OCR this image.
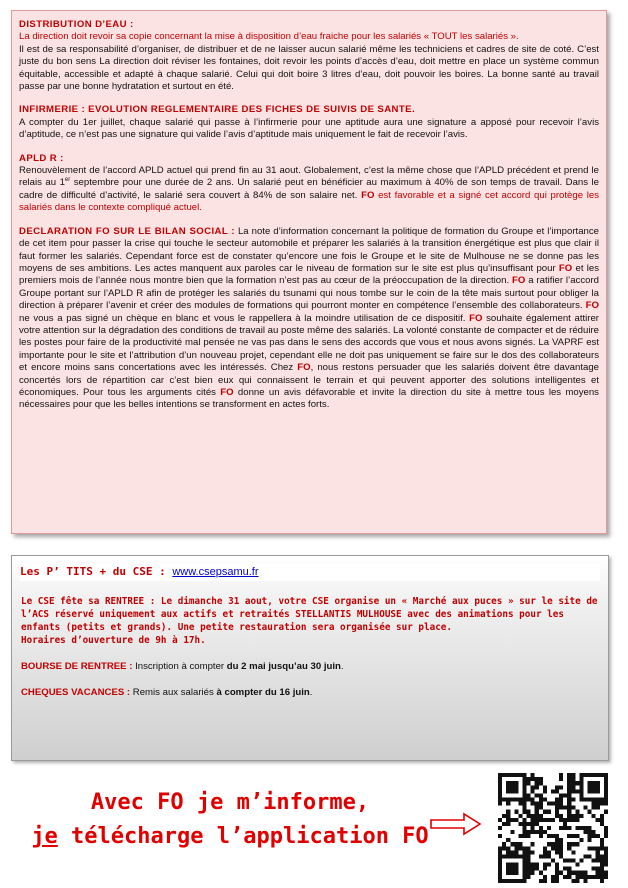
DISTRIBUTION D’EAU :

La direction doit revoir sa copie concernant la mise à disposition d’eau fraiche pour les salariés « TOUT les salariés ».

Il est de sa responsabilité d’organiser, de distribuer et de ne laisser aucun salarié même les techniciens et cadres de site de coté. C’est juste du bon sens La direction doit réviser les fontaines, doit revoir les points d’accès d’eau, doit mettre en place un système commun équitable, accessible et adapté à chaque salarié. Celui qui doit boire 3 litres d’eau, doit pouvoir les boires. La bonne santé au travail passe par une bonne hydratation et surtout en été.

INFIRMERIE : EVOLUTION REGLEMENTAIRE DES FICHES DE SUIVIS DE SANTE.

A compter du 1er juillet, chaque salarié qui passe à l’infirmerie pour une aptitude aura une signature a apposé pour recevoir l’avis d’aptitude, ce n’est pas une signature qui valide l’avis d’aptitude mais uniquement le fait de recevoir l’avis.

APLD R :

Renouvèlement de l’accord APLD actuel qui prend fin au 31 aout. Globalement, c’est la même chose que l’APLD précédent et prend le relais au 1er septembre pour une durée de 2 ans. Un salarié peut en bénéficier au maximum à 40% de son temps de travail. Dans le cadre de difficulté d’activité, le salarié sera couvert à 84% de son salaire net. FO est favorable et a signé cet accord qui protège les salariés dans le contexte compliqué actuel.

DECLARATION FO SUR LE BILAN SOCIAL : La note d’information concernant la politique de formation du Groupe et l’importance de cet item pour passer la crise qui touche le secteur automobile et préparer les salariés à la transition énergétique est plus que clair il faut former les salariés. Cependant force est de constater qu’encore une fois le Groupe et le site de Mulhouse ne se donne pas les moyens de ses ambitions. Les actes manquent aux paroles car le niveau de formation sur le site est plus qu’insuffisant pour FO et les premiers mois de l’année nous montre bien que la formation n’est pas au cœur de la préoccupation de la direction. FO a ratifier l’accord Groupe portant sur l’APLD R afin de protéger les salariés du tsunami qui nous tombe sur le coin de la tête mais surtout pour obliger la direction à préparer l’avenir et créer des modules de formations qui pourront monter en compétence l’ensemble des collaborateurs. FO ne vous a pas signé un chèque en blanc et vous le rappellera à la moindre utilisation de ce dispositif. FO souhaite également attirer votre attention sur la dégradation des conditions de travail au poste même des salariés. La volonté constante de compacter et de réduire les postes pour faire de la productivité mal pensée ne vas pas dans le sens des accords que vous et nous avons signés. La VAPRF est importante pour le site et l’attribution d’un nouveau projet, cependant elle ne doit pas uniquement se faire sur le dos des collaborateurs et encore moins sans concertations avec les intéressés. Chez FO, nous restons persuader que les salariés doivent être davantage concertés lors de répartition car c’est bien eux qui connaissent le terrain et qui peuvent apporter des solutions intelligentes et économiques. Pour tous les arguments cités FO donne un avis défavorable et invite la direction du site à mettre tous les moyens nécessaires pour que les belles intentions se transforment en actes forts.

Les P’ TITS + du CSE : www.csepsamu.fr

Le CSE fête sa RENTREE : Le dimanche 31 aout, votre CSE organise un « Marché aux puces » sur le site de l’ACS réservé uniquement aux actifs et retraités STELLANTIS MULHOUSE avec des animations pour les enfants (petits et grands). Une petite restauration sera organisée sur place.

Horaires d’ouverture de 9h à 17h.

BOURSE DE RENTREE : Inscription à compter du 2 mai jusqu’au 30 juin.

CHEQUES VACANCES : Remis aux salariés à compter du 16 juin.

Avec FO je m’informe,
je télécharge l’application FO
